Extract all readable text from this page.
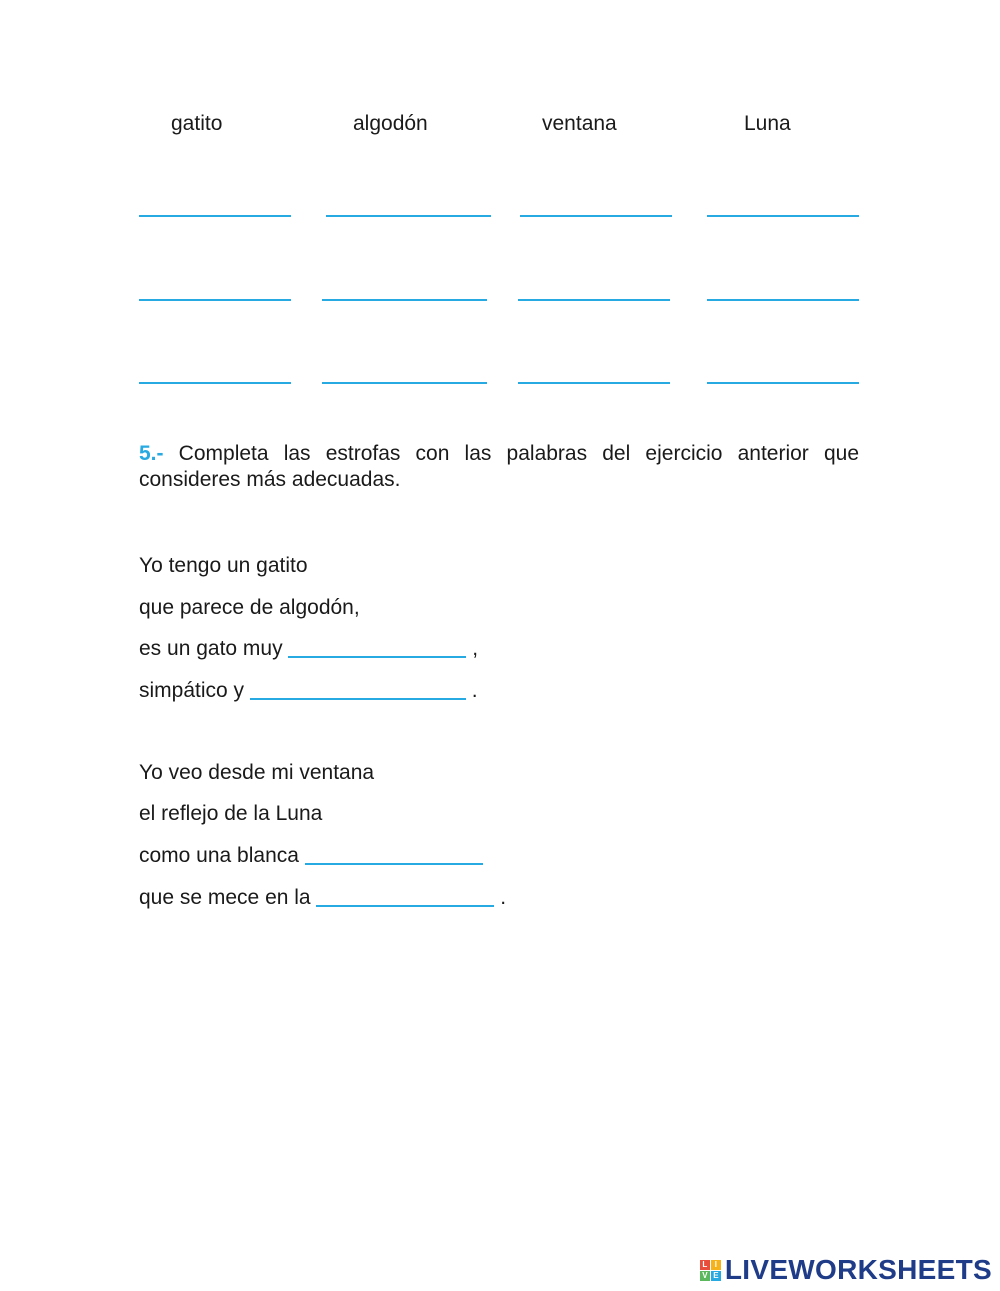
gatito	algodón	ventana	Luna
5.- Completa las estrofas con las palabras del ejercicio anterior que consideres más adecuadas.
Yo tengo un gatito
que parece de algodón,
es un gato muy	,
simpático y	.
Yo veo desde mi ventana
el reflejo de la Luna
como una blanca
que se mece en la	.
L I
V E LIVEWORKSHEETS
